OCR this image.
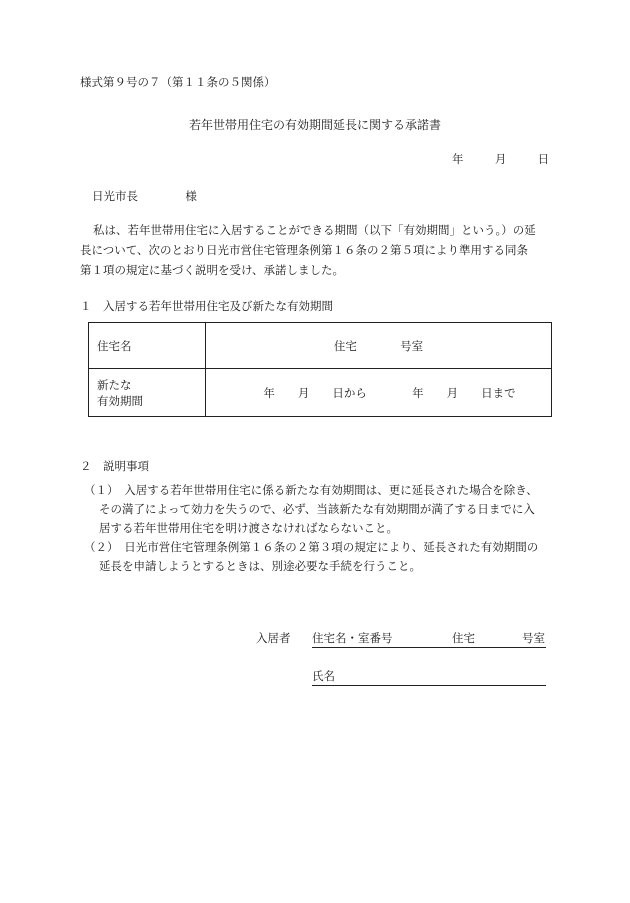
様式第９号の７（第１１条の５関係）
若年世帯用住宅の有効期間延長に関する承諾書
年	月	日
日光市長	様
私は、若年世帯用住宅に入居することができる期間（以下「有効期間」という。）の延
長について、次のとおり日光市営住宅管理条例第１６条の２第５項により準用する同条
第１項の規定に基づく説明を受け、承諾しました。
１　入居する若年世帯用住宅及び新たな有効期間
住宅名	住宅 号室

新たな
有効期間	年　　月　　日から 年　　月　　日まで
２　説明事項
（１）　入居する若年世帯用住宅に係る新たな有効期間は、更に延長された場合を除き、
その満了によって効力を失うので、必ず、当該新たな有効期間が満了する日までに入
居する若年世帯用住宅を明け渡さなければならないこと。
（２）　日光市営住宅管理条例第１６条の２第３項の規定により、延長された有効期間の
延長を申請しようとするときは、別途必要な手続を行うこと。
入居者 住宅名・室番号	住宅	号室
氏名
